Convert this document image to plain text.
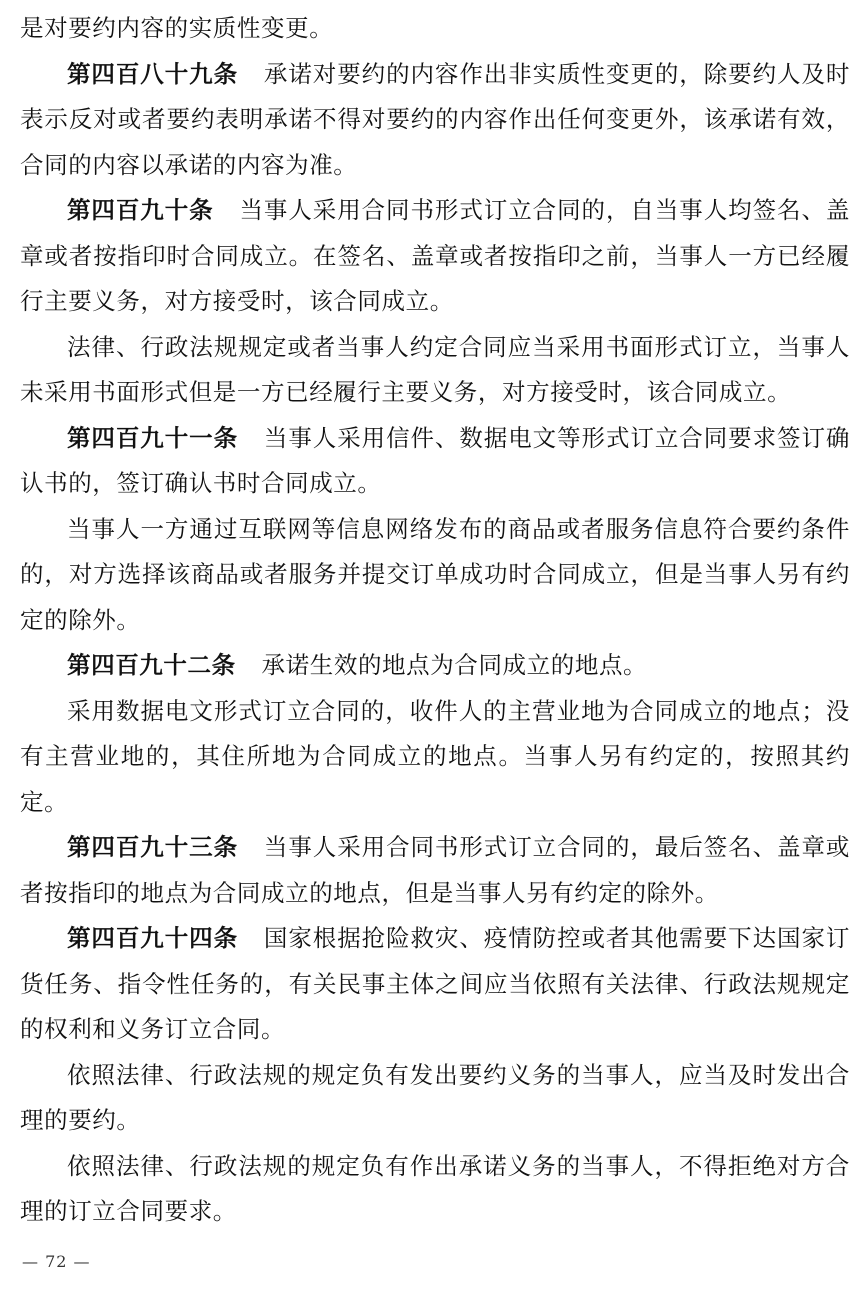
是对要约内容的实质性变更。

第四百八十九条 承诺对要约的内容作出非实质性变更的，除要约人及时表示反对或者要约表明承诺不得对要约的内容作出任何变更外，该承诺有效，合同的内容以承诺的内容为准。

第四百九十条 当事人采用合同书形式订立合同的，自当事人均签名、盖章或者按指印时合同成立。在签名、盖章或者按指印之前，当事人一方已经履行主要义务，对方接受时，该合同成立。

法律、行政法规规定或者当事人约定合同应当采用书面形式订立，当事人未采用书面形式但是一方已经履行主要义务，对方接受时，该合同成立。

第四百九十一条 当事人采用信件、数据电文等形式订立合同要求签订确认书的，签订确认书时合同成立。

当事人一方通过互联网等信息网络发布的商品或者服务信息符合要约条件的，对方选择该商品或者服务并提交订单成功时合同成立，但是当事人另有约定的除外。

第四百九十二条 承诺生效的地点为合同成立的地点。

采用数据电文形式订立合同的，收件人的主营业地为合同成立的地点；没有主营业地的，其住所地为合同成立的地点。当事人另有约定的，按照其约定。

第四百九十三条 当事人采用合同书形式订立合同的，最后签名、盖章或者按指印的地点为合同成立的地点，但是当事人另有约定的除外。

第四百九十四条 国家根据抢险救灾、疫情防控或者其他需要下达国家订货任务、指令性任务的，有关民事主体之间应当依照有关法律、行政法规规定的权利和义务订立合同。

依照法律、行政法规的规定负有发出要约义务的当事人，应当及时发出合理的要约。

依照法律、行政法规的规定负有作出承诺义务的当事人，不得拒绝对方合理的订立合同要求。

— 72 —
